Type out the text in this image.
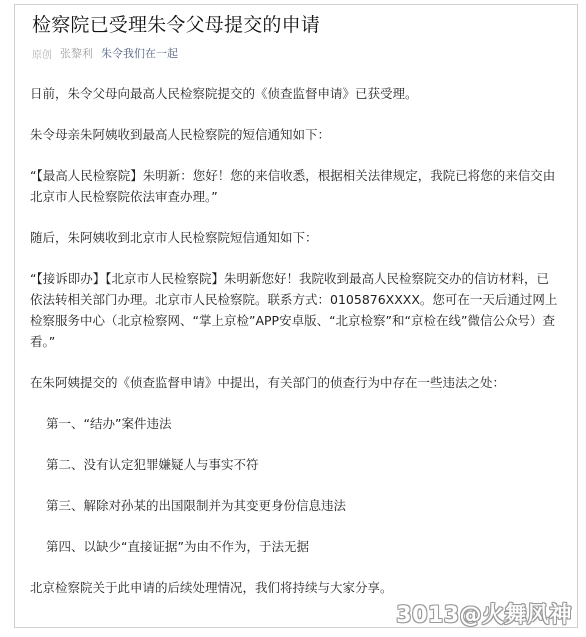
检察院已受理朱令父母提交的申请
原创 张黎利 朱令我们在一起

日前，朱令父母向最高人民检察院提交的《侦查监督申请》已获受理。

朱令母亲朱阿姨收到最高人民检察院的短信通知如下：

“【最高人民检察院】朱明新：您好！您的来信收悉，根据相关法律规定，我院已将您的来信交由北京市人民检察院依法审查办理。”

随后，朱阿姨收到北京市人民检察院短信通知如下：

“【接诉即办】【北京市人民检察院】朱明新您好！我院收到最高人民检察院交办的信访材料，已依法转相关部门办理。北京市人民检察院。联系方式：0105876XXXX。您可在一天后通过网上检察服务中心（北京检察网、“掌上京检”APP安卓版、“北京检察”和“京检在线”微信公众号）查看。”

在朱阿姨提交的《侦查监督申请》中提出，有关部门的侦查行为中存在一些违法之处：

第一、“结办”案件违法

第二、没有认定犯罪嫌疑人与事实不符

第三、解除对孙某的出国限制并为其变更身份信息违法

第四、以缺少“直接证据”为由不作为，于法无据

北京检察院关于此申请的后续处理情况，我们将持续与大家分享。

3013@火舞风神
